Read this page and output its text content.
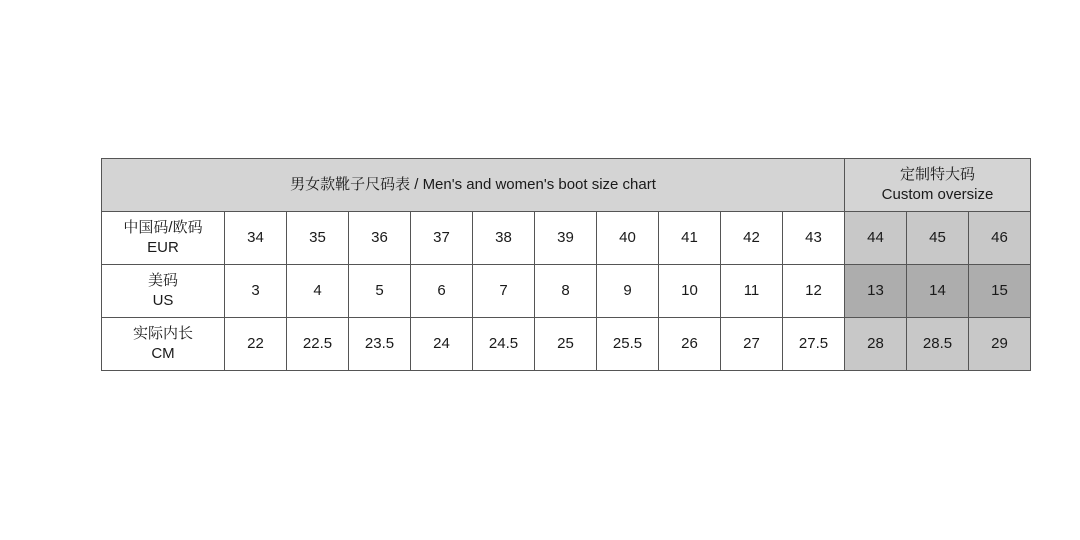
男女款靴子尺码表 / Men's and women's boot size chart											定制特大码
Custom oversize		

中国码/欧码
EUR	34	35	36	37	38	39	40	41	42	43	44	45	46

美码
US	3	4	5	6	7	8	9	10	11	12	13	14	15

实际内长
CM	22	22.5	23.5	24	24.5	25	25.5	26	27	27.5	28	28.5	29
